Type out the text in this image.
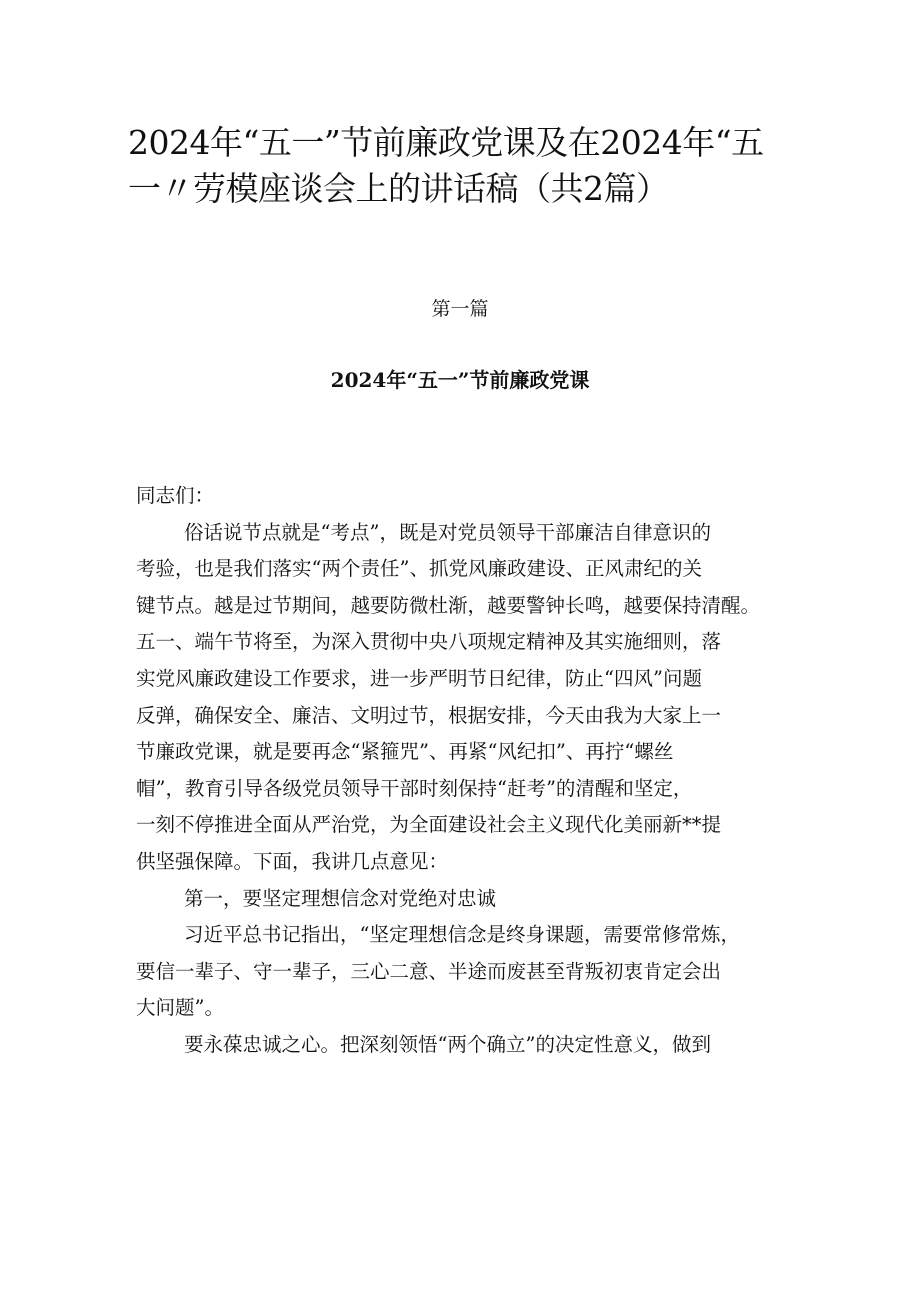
2024年“五一”节前廉政党课及在2024年“五
一〃劳模座谈会上的讲话稿（共2篇）
第一篇
2024年“五一”节前廉政党课
同志们：
俗话说节点就是“考点”，既是对党员领导干部廉洁自律意识的
考验，也是我们落实“两个责任”、抓党风廉政建设、正风肃纪的关
键节点。越是过节期间，越要防微杜渐，越要警钟长鸣，越要保持清醒。
五一、端午节将至，为深入贯彻中央八项规定精神及其实施细则，落
实党风廉政建设工作要求，进一步严明节日纪律，防止“四风”问题
反弹，确保安全、廉洁、文明过节，根据安排，今天由我为大家上一
节廉政党课，就是要再念“紧箍咒”、再紧“风纪扣”、再拧“螺丝
帽”，教育引导各级党员领导干部时刻保持“赶考”的清醒和坚定，
一刻不停推进全面从严治党，为全面建设社会主义现代化美丽新**提
供坚强保障。下面，我讲几点意见：
第一，要坚定理想信念对党绝对忠诚
习近平总书记指出，“坚定理想信念是终身课题，需要常修常炼，
要信一辈子、守一辈子，三心二意、半途而废甚至背叛初衷肯定会出
大问题”。
要永葆忠诚之心。把深刻领悟“两个确立”的决定性意义，做到
